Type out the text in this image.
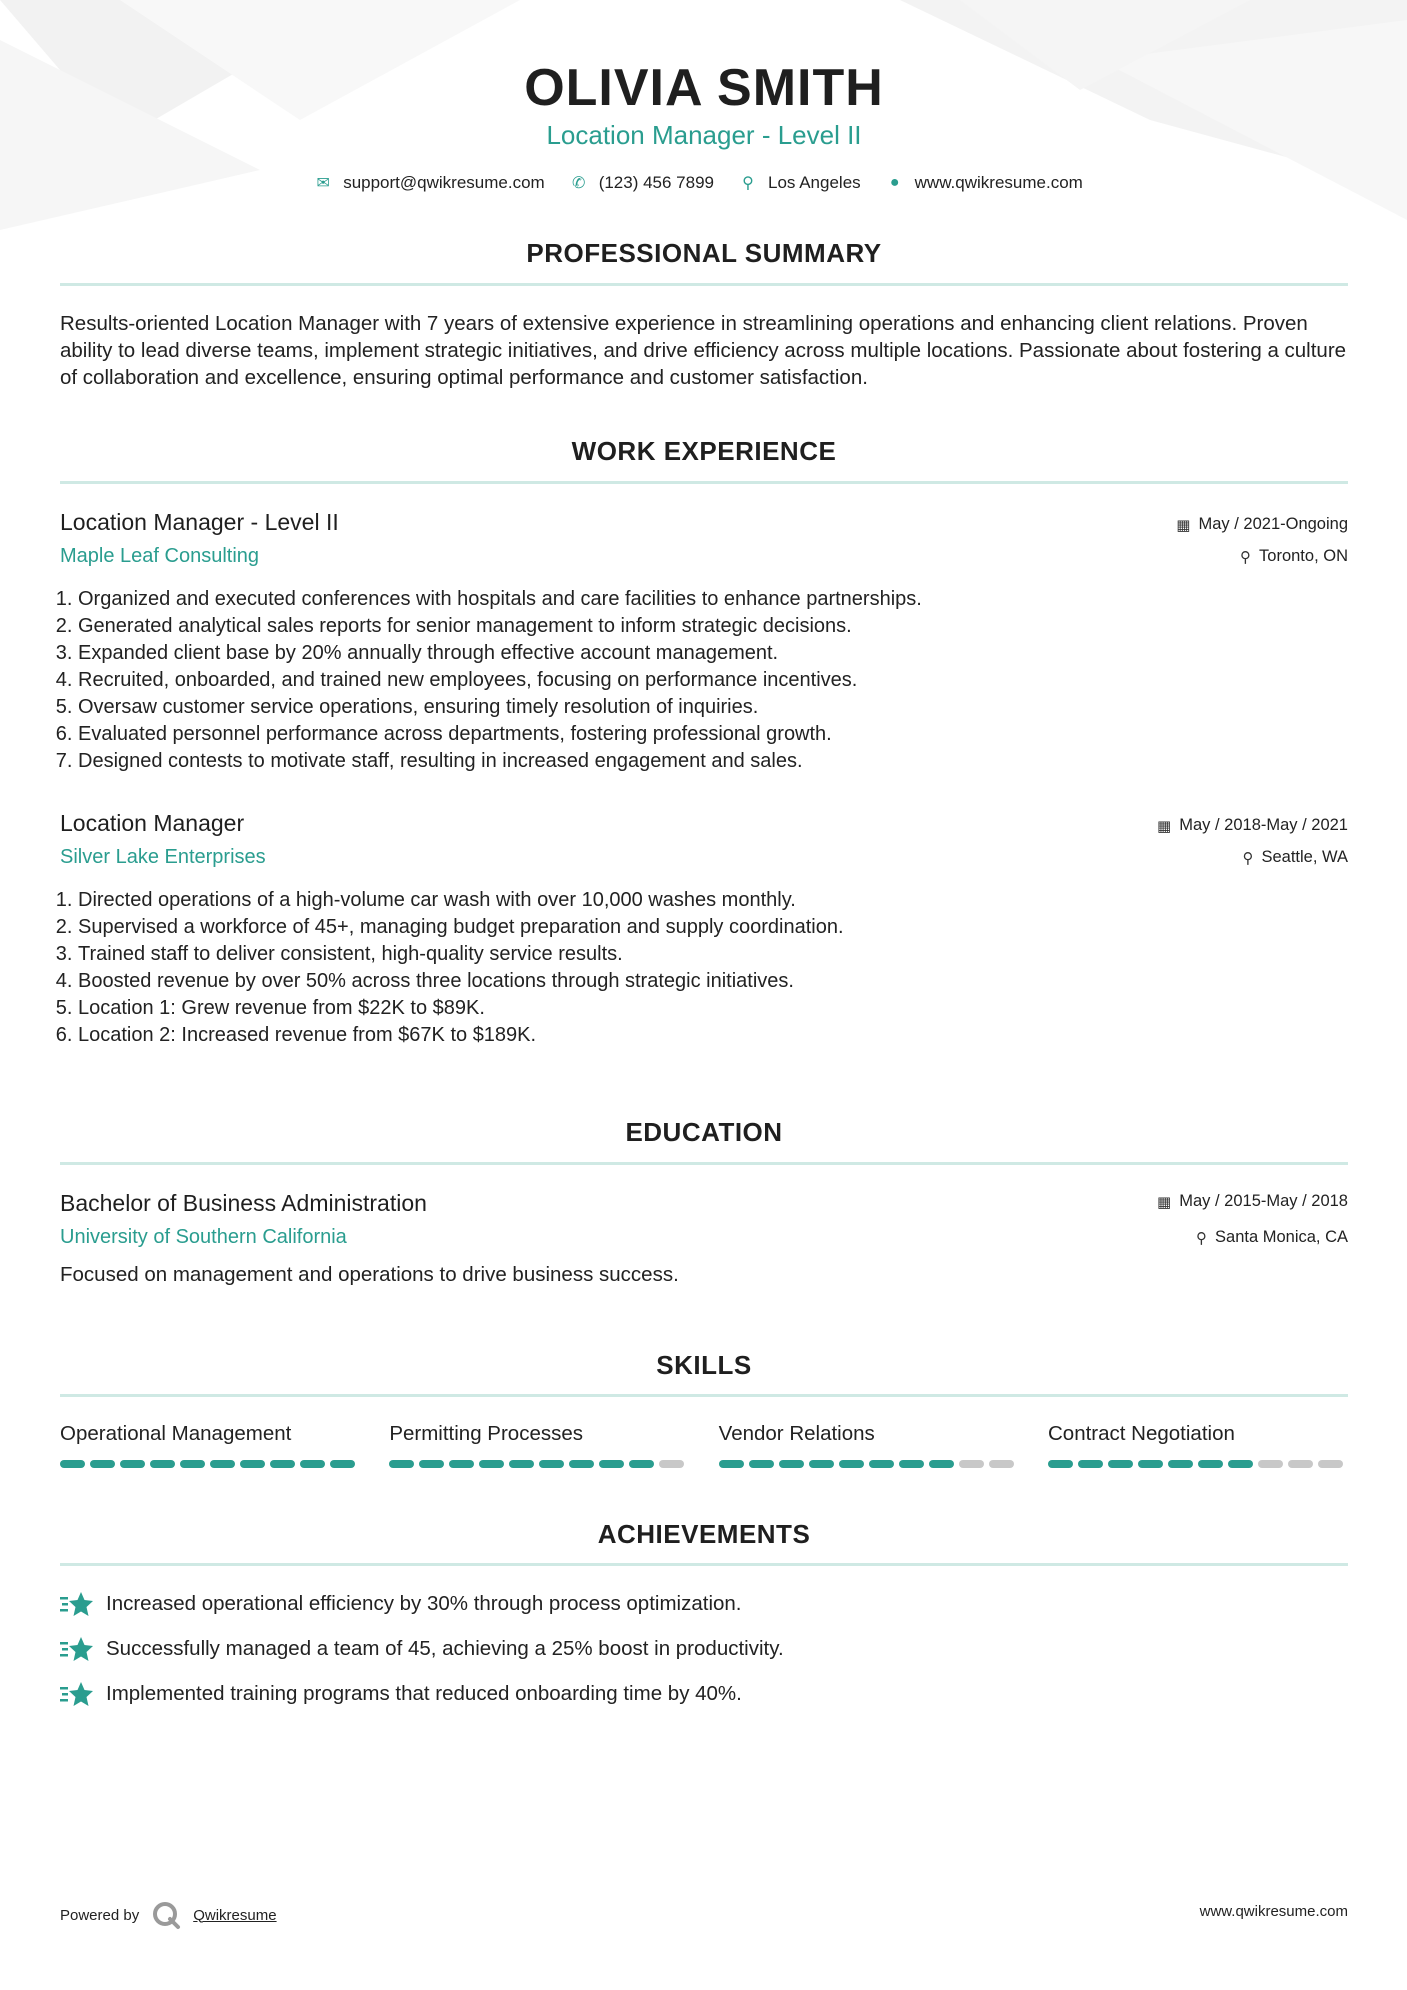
OLIVIA SMITH
Location Manager - Level II
✉ support@qwikresume.com ✆ (123) 456 7899 ⚲ Los Angeles	● www.qwikresume.com
PROFESSIONAL SUMMARY

Results-oriented Location Manager with 7 years of extensive experience in streamlining operations and enhancing client relations. Proven ability to lead diverse teams, implement strategic initiatives, and drive efficiency across multiple locations. Passionate about fostering a culture of collaboration and excellence, ensuring optimal performance and customer satisfaction.

WORK EXPERIENCE
Location Manager - Level II
Maple Leaf Consulting
▦ May / 2021-Ongoing
⚲ Toronto, ON
1. Organized and executed conferences with hospitals and care facilities to enhance partnerships.
2. Generated analytical sales reports for senior management to inform strategic decisions.
3. Expanded client base by 20% annually through effective account management.
4. Recruited, onboarded, and trained new employees, focusing on performance incentives.
5. Oversaw customer service operations, ensuring timely resolution of inquiries.
6. Evaluated personnel performance across departments, fostering professional growth.
7. Designed contests to motivate staff, resulting in increased engagement and sales.
Location Manager
Silver Lake Enterprises
▦ May / 2018-May / 2021
⚲ Seattle, WA
1. Directed operations of a high-volume car wash with over 10,000 washes monthly.
2. Supervised a workforce of 45+, managing budget preparation and supply coordination.
3. Trained staff to deliver consistent, high-quality service results.
4. Boosted revenue by over 50% across three locations through strategic initiatives.
5. Location 1: Grew revenue from $22K to $89K.
6. Location 2: Increased revenue from $67K to $189K.
EDUCATION
Bachelor of Business Administration
University of Southern California
▦ May / 2015-May / 2018
⚲ Santa Monica, CA
Focused on management and operations to drive business success.
SKILLS
Operational Management	Permitting Processes	Vendor Relations	Contract Negotiation
ACHIEVEMENTS
Increased operational efficiency by 30% through process optimization.
Successfully managed a team of 45, achieving a 25% boost in productivity.
Implemented training programs that reduced onboarding time by 40%.
Powered by	Qwikresume	www.qwikresume.com
